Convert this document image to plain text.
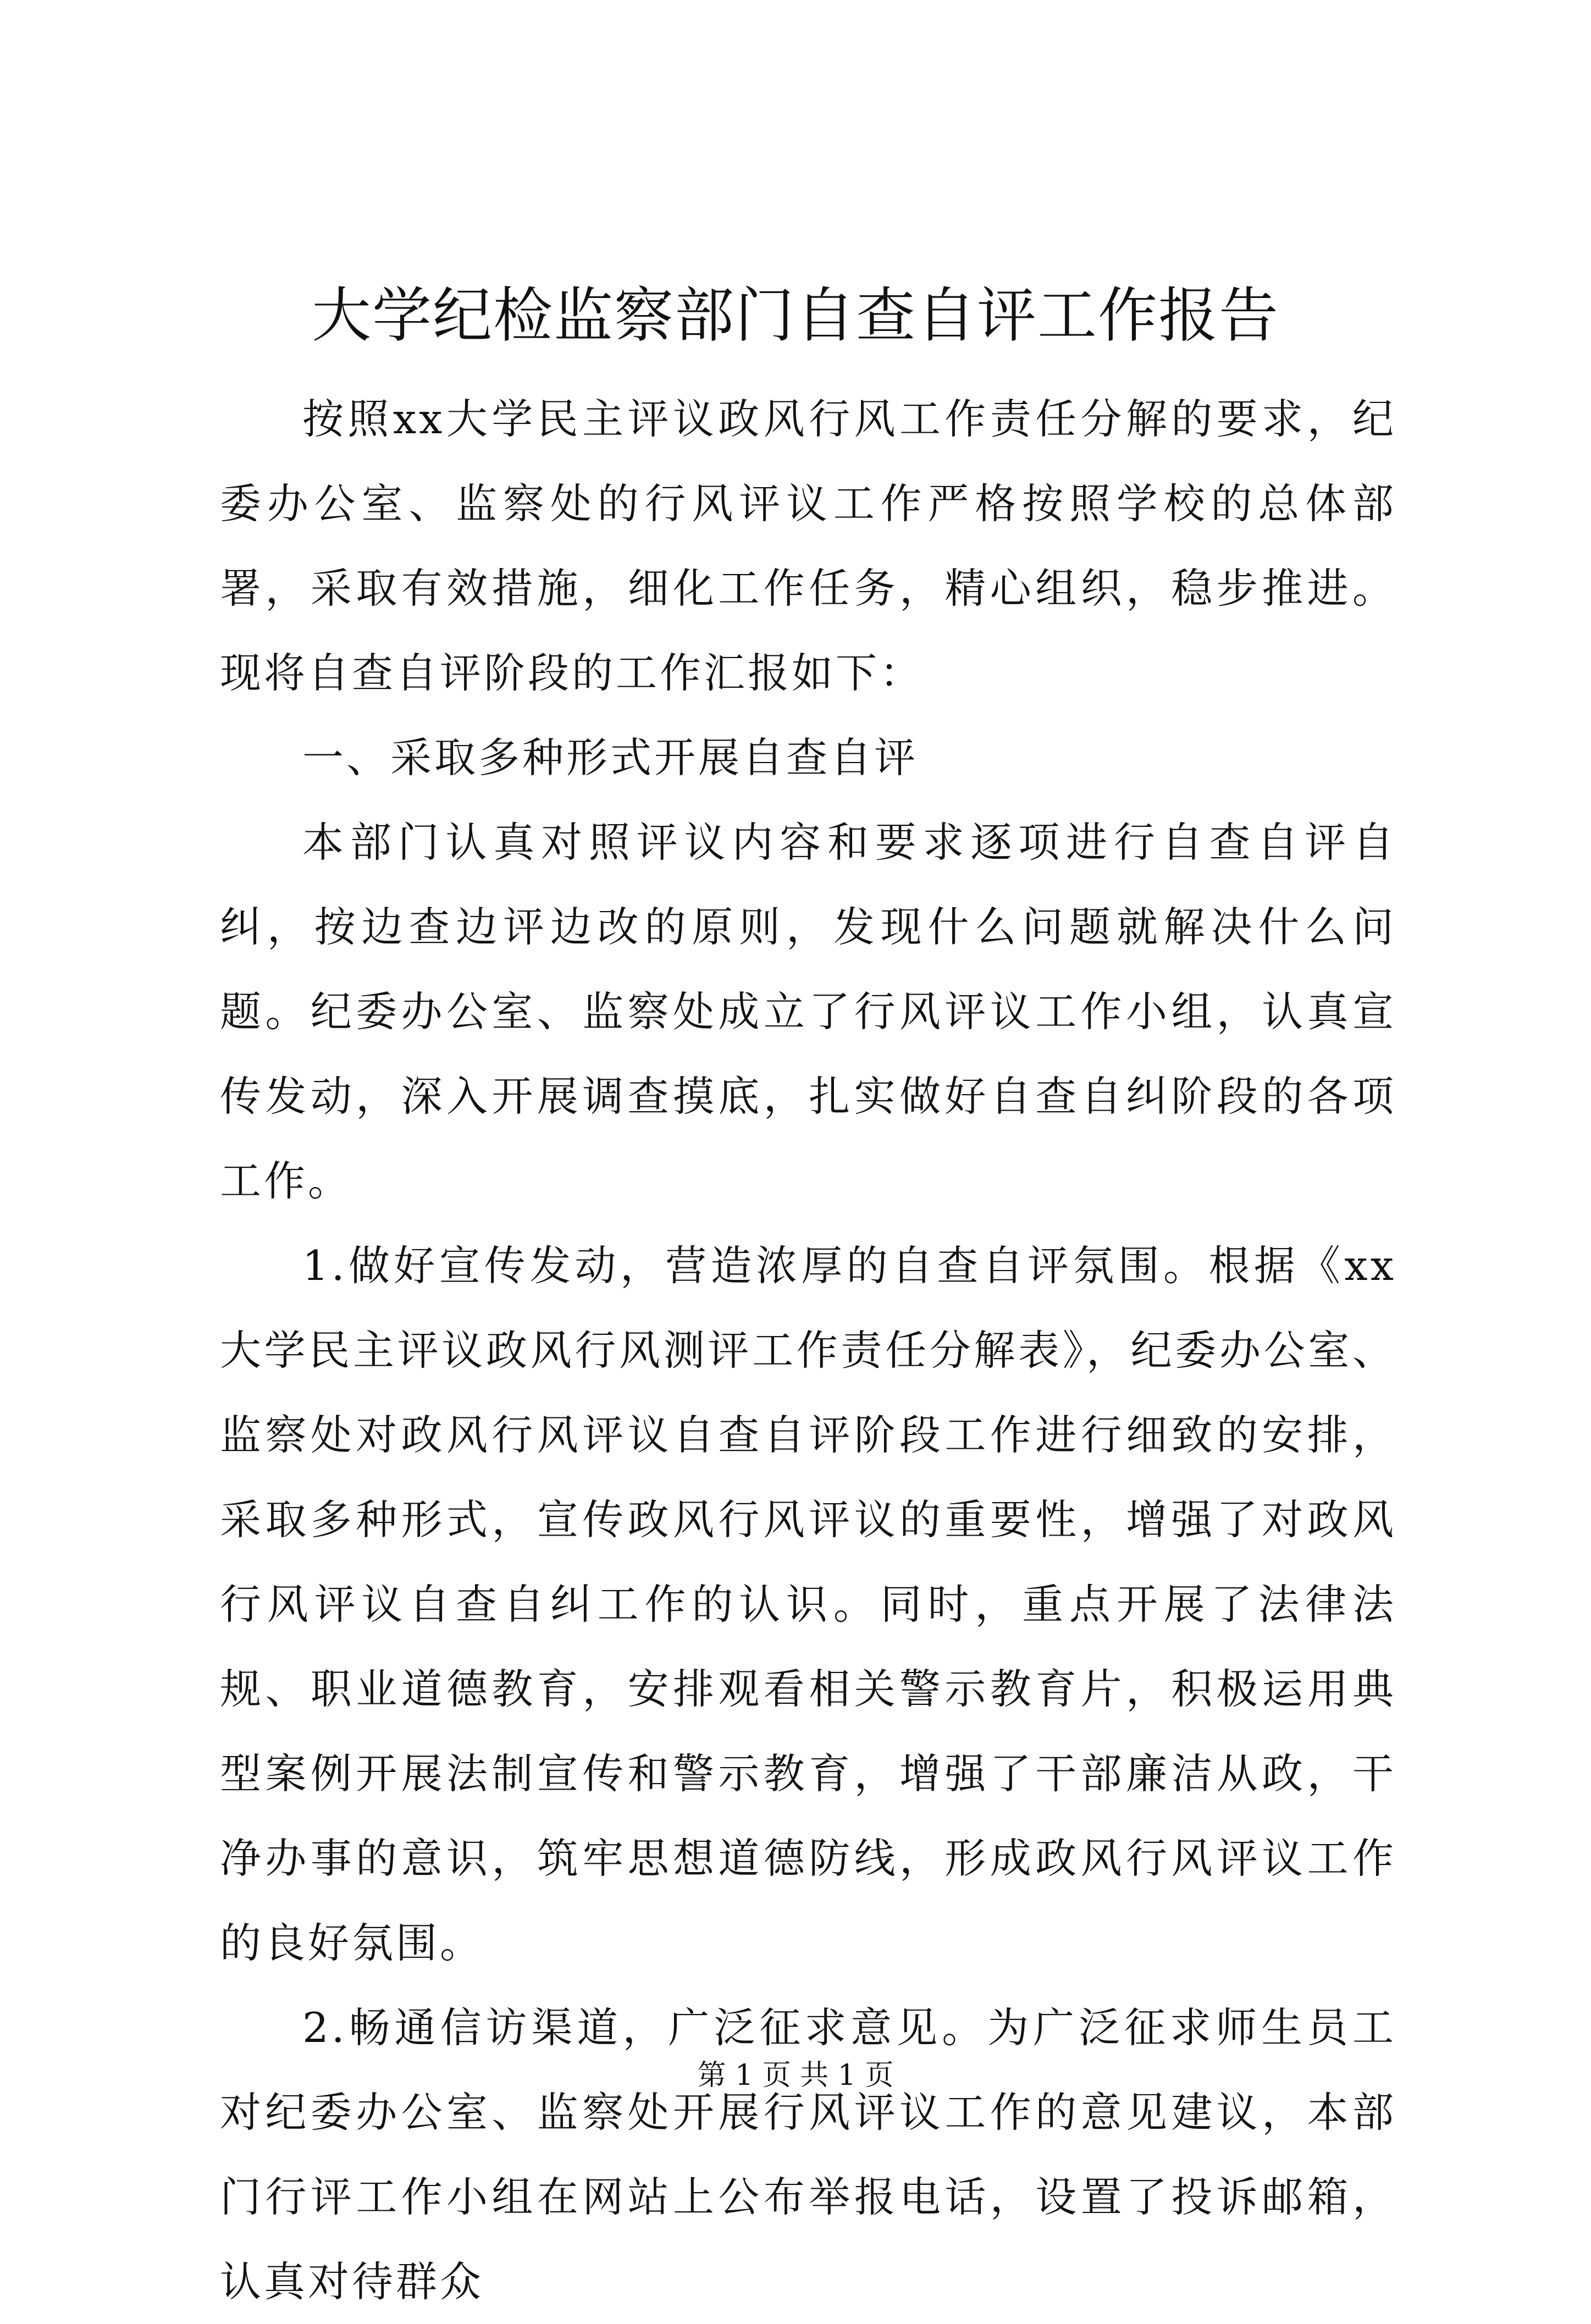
大学纪检监察部门自查自评工作报告

按照xx大学民主评议政风行风工作责任分解的要求，纪委办公室、监察处的行风评议工作严格按照学校的总体部署，采取有效措施，细化工作任务，精心组织，稳步推进。现将自查自评阶段的工作汇报如下：

一、采取多种形式开展自查自评

本部门认真对照评议内容和要求逐项进行自查自评自纠，按边查边评边改的原则，发现什么问题就解决什么问题。纪委办公室、监察处成立了行风评议工作小组，认真宣传发动，深入开展调查摸底，扎实做好自查自纠阶段的各项工作。

1.做好宣传发动，营造浓厚的自查自评氛围。根据《xx大学民主评议政风行风测评工作责任分解表》，纪委办公室、监察处对政风行风评议自查自评阶段工作进行细致的安排，采取多种形式，宣传政风行风评议的重要性，增强了对政风行风评议自查自纠工作的认识。同时，重点开展了法律法规、职业道德教育，安排观看相关警示教育片，积极运用典型案例开展法制宣传和警示教育，增强了干部廉洁从政，干净办事的意识，筑牢思想道德防线，形成政风行风评议工作的良好氛围。

2.畅通信访渠道，广泛征求意见。为广泛征求师生员工对纪委办公室、监察处开展行风评议工作的意见建议，本部门行评工作小组在网站上公布举报电话，设置了投诉邮箱，认真对待群众

第 1 页 共 1 页
